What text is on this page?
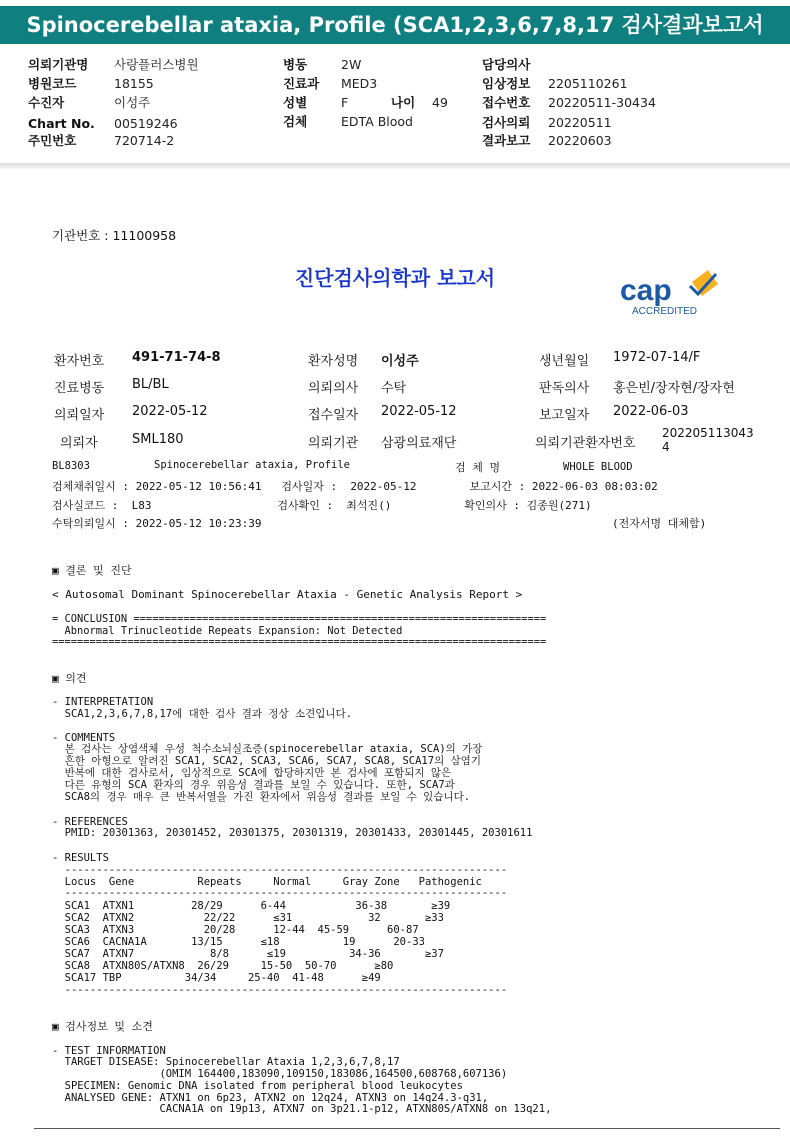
Spinocerebellar ataxia, Profile (SCA1,2,3,6,7,8,17 검사결과보고서
의뢰기관명 사랑플러스병원
병원코드	18155
수진자	이성주
Chart No. 00519246
주민번호	720714-2
병동	2W
진료과 MED3
성별	F	나이 49
검체	EDTA Blood
담당의사
임상정보 2205110261
접수번호 20220511-30434
검사의뢰 20220511
결과보고 20220603
기관번호 : 11100958
진단검사의학과 보고서	cap
ACCREDITED
환자번호 491-71-74-8	환자성명 이성주	생년월일 1972-07-14/F
진료병동 BL/BL	의뢰의사 수탁	판독의사 홍은빈/장자현/장자현
의뢰일자 2022-05-12	접수일자 2022-05-12	보고일자 2022-06-03
의뢰자	SML180	의뢰기관 삼광의료재단	의뢰기관환자번호
202205113043
4
BL8303	Spinocerebellar ataxia, Profile	검 체 명	WHOLE BLOOD
검체채취일시 : 2022-05-12 10:56:41   검사일자 :  2022-05-12        보고시간 : 2022-06-03 08:03:02
검사실코드 :  L83                   검사확인 :  최석진()           확인의사 : 김종원(271)
수탁의뢰일시 : 2022-05-12 10:23:39	(전자서명 대체함)
▣ 결론 및 진단
< Autosomal Dominant Spinocerebellar Ataxia - Genetic Analysis Report >
= CONCLUSION ==================================================================
Abnormal Trinucleotide Repeats Expansion: Not Detected
===============================================================================
▣ 의견
- INTERPRETATION
SCA1,2,3,6,7,8,17에 대한 검사 결과 정상 소견입니다.
- COMMENTS
본 검사는 상염색체 우성 척수소뇌실조증(spinocerebellar ataxia, SCA)의 가장
흔한 아형으로 알려진 SCA1, SCA2, SCA3, SCA6, SCA7, SCA8, SCA17의 삼염기
반복에 대한 검사로서, 임상적으로 SCA에 합당하지만 본 검사에 포함되지 않은
다른 유형의 SCA 환자의 경우 위음성 결과를 보일 수 있습니다. 또한, SCA7과
SCA8의 경우 매우 큰 반복서열을 가진 환자에서 위음성 결과를 보일 수 있습니다.
- REFERENCES
PMID: 20301363, 20301452, 20301375, 20301319, 20301433, 20301445, 20301611
- RESULTS
----------------------------------------------------------------------
Locus  Gene          Repeats     Normal     Gray Zone   Pathogenic
----------------------------------------------------------------------
SCA1  ATXN1         28/29      6-44           36-38       ≥39
SCA2  ATXN2           22/22      ≤31            32       ≥33
SCA3  ATXN3           20/28      12-44  45-59      60-87
SCA6  CACNA1A       13/15      ≤18          19      20-33
SCA7  ATXN7            8/8      ≤19          34-36       ≥37
SCA8  ATXN80S/ATXN8  26/29     15-50  50-70      ≥80
SCA17 TBP          34/34     25-40  41-48      ≥49
----------------------------------------------------------------------
▣ 검사정보 및 소견
- TEST INFORMATION
TARGET DISEASE: Spinocerebellar Ataxia 1,2,3,6,7,8,17
(OMIM 164400,183090,109150,183086,164500,608768,607136)
SPECIMEN: Genomic DNA isolated from peripheral blood leukocytes
ANALYSED GENE: ATXN1 on 6p23, ATXN2 on 12q24, ATXN3 on 14q24.3-q31,
CACNA1A on 19p13, ATXN7 on 3p21.1-p12, ATXN80S/ATXN8 on 13q21,
